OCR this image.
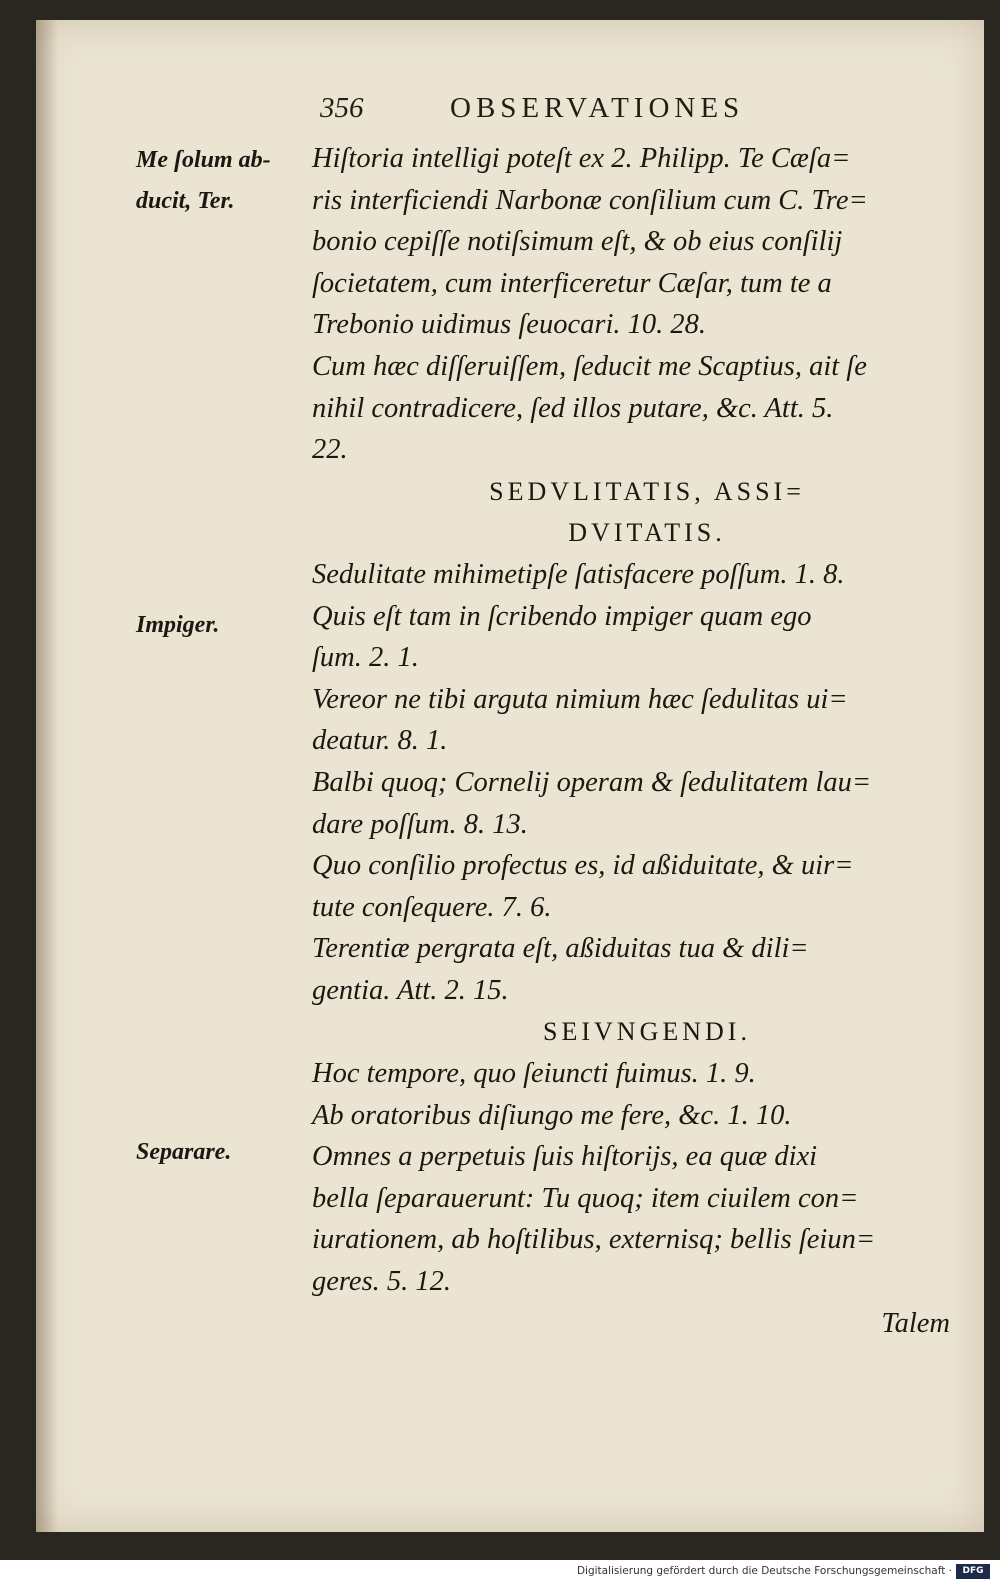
356	OBSERVATIONES
Me ſolum ab‑
ducit, Ter.
Impiger.
Separare.
Hiſtoria intelligi poteſt ex 2. Philipp. Te Cæſa=
ris interficiendi Narbonæ conſilium cum C. Tre=
bonio cepiſſe notiſsimum eſt, & ob eius conſilij
ſocietatem, cum interficeretur Cæſar, tum te a
Trebonio uidimus ſeuocari. 10. 28.
Cum hæc diſſeruiſſem, ſeducit me Scaptius, ait ſe
nihil contradicere, ſed illos putare, &c. Att. 5.
22.
SEDVLITATIS, ASSI=
DVITATIS.
Sedulitate mihimetipſe ſatisfacere poſſum. 1. 8.
Quis eſt tam in ſcribendo impiger quam ego
ſum. 2. 1.
Vereor ne tibi arguta nimium hæc ſedulitas ui=
deatur. 8. 1.
Balbi quoq; Cornelij operam & ſedulitatem lau=
dare poſſum. 8. 13.
Quo conſilio profectus es, id aßiduitate, & uir=
tute conſequere. 7. 6.
Terentiæ pergrata eſt, aßiduitas tua & dili=
gentia. Att. 2. 15.
SEIVNGENDI.
Hoc tempore, quo ſeiuncti fuimus. 1. 9.
Ab oratoribus diſiungo me fere, &c. 1. 10.
Omnes a perpetuis ſuis hiſtorijs, ea quæ dixi
bella ſeparauerunt: Tu quoq; item ciuilem con=
iurationem, ab hoſtilibus, externisq; bellis ſeiun=
geres. 5. 12.
Talem
Digitalisierung gefördert durch die Deutsche Forschungsgemeinschaft ·	DFG
